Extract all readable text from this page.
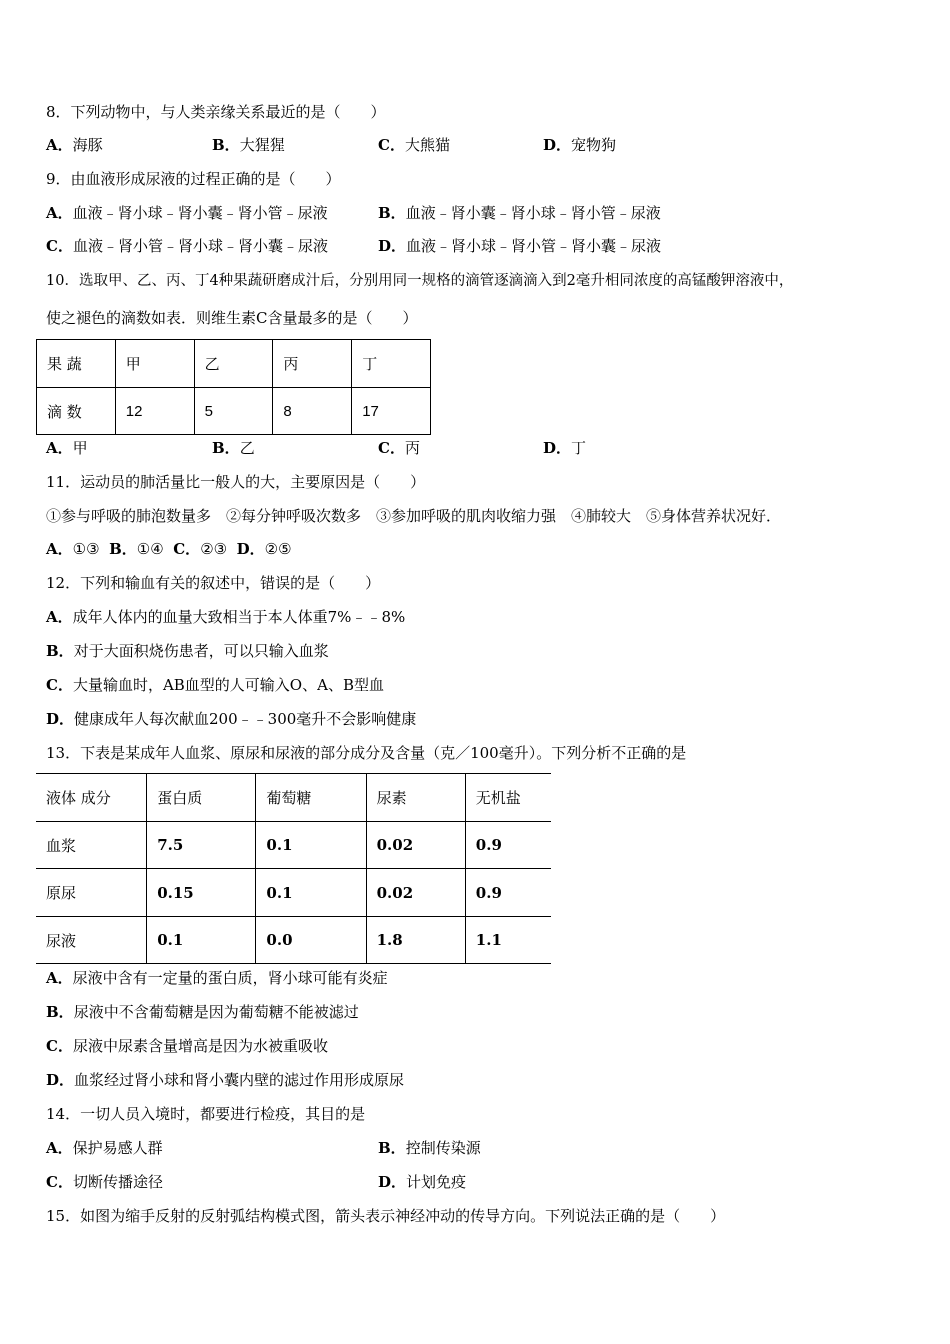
8．下列动物中，与人类亲缘关系最近的是（　　）
A．海豚	B．大猩猩	C．大熊猫	D．宠物狗
9．由血液形成尿液的过程正确的是（　　）
A．血液﹣肾小球﹣肾小囊﹣肾小管﹣尿液	B．血液﹣肾小囊﹣肾小球﹣肾小管﹣尿液
C．血液﹣肾小管﹣肾小球﹣肾小囊﹣尿液	D．血液﹣肾小球﹣肾小管﹣肾小囊﹣尿液
10．选取甲、乙、丙、丁4种果蔬研磨成汁后，分别用同一规格的滴管逐滴滴入到2毫升相同浓度的高锰酸钾溶液中，
使之褪色的滴数如表．则维生素C含量最多的是（　　）
果 蔬	甲	乙	丙	丁
滴 数	12	5	8	17
A．甲	B．乙	C．丙	D．丁
11．运动员的肺活量比一般人的大，主要原因是（　　）
①参与呼吸的肺泡数量多　②每分钟呼吸次数多　③参加呼吸的肌肉收缩力强　④肺较大　⑤身体营养状况好．
A．①③ B．①④ C．②③ D．②⑤
12．下列和输血有关的叙述中，错误的是（　　）
A．成年人体内的血量大致相当于本人体重7%﹣﹣8%
B．对于大面积烧伤患者，可以只输入血浆
C．大量输血时，AB血型的人可输入O、A、B型血
D．健康成年人每次献血200﹣﹣300毫升不会影响健康
13．下表是某成年人血浆、原尿和尿液的部分成分及含量（克／100毫升）。下列分析不正确的是
液体 成分	蛋白质	葡萄糖	尿素	无机盐
血浆	7.5	0.1	0.02	0.9
原尿	0.15	0.1	0.02	0.9
尿液	0.1	0.0	1.8	1.1
A．尿液中含有一定量的蛋白质，肾小球可能有炎症
B．尿液中不含葡萄糖是因为葡萄糖不能被滤过
C．尿液中尿素含量增高是因为水被重吸收
D．血浆经过肾小球和肾小囊内壁的滤过作用形成原尿
14．一切人员入境时，都要进行检疫，其目的是
A．保护易感人群	B．控制传染源
C．切断传播途径	D．计划免疫
15．如图为缩手反射的反射弧结构模式图，箭头表示神经冲动的传导方向。下列说法正确的是（　　）
